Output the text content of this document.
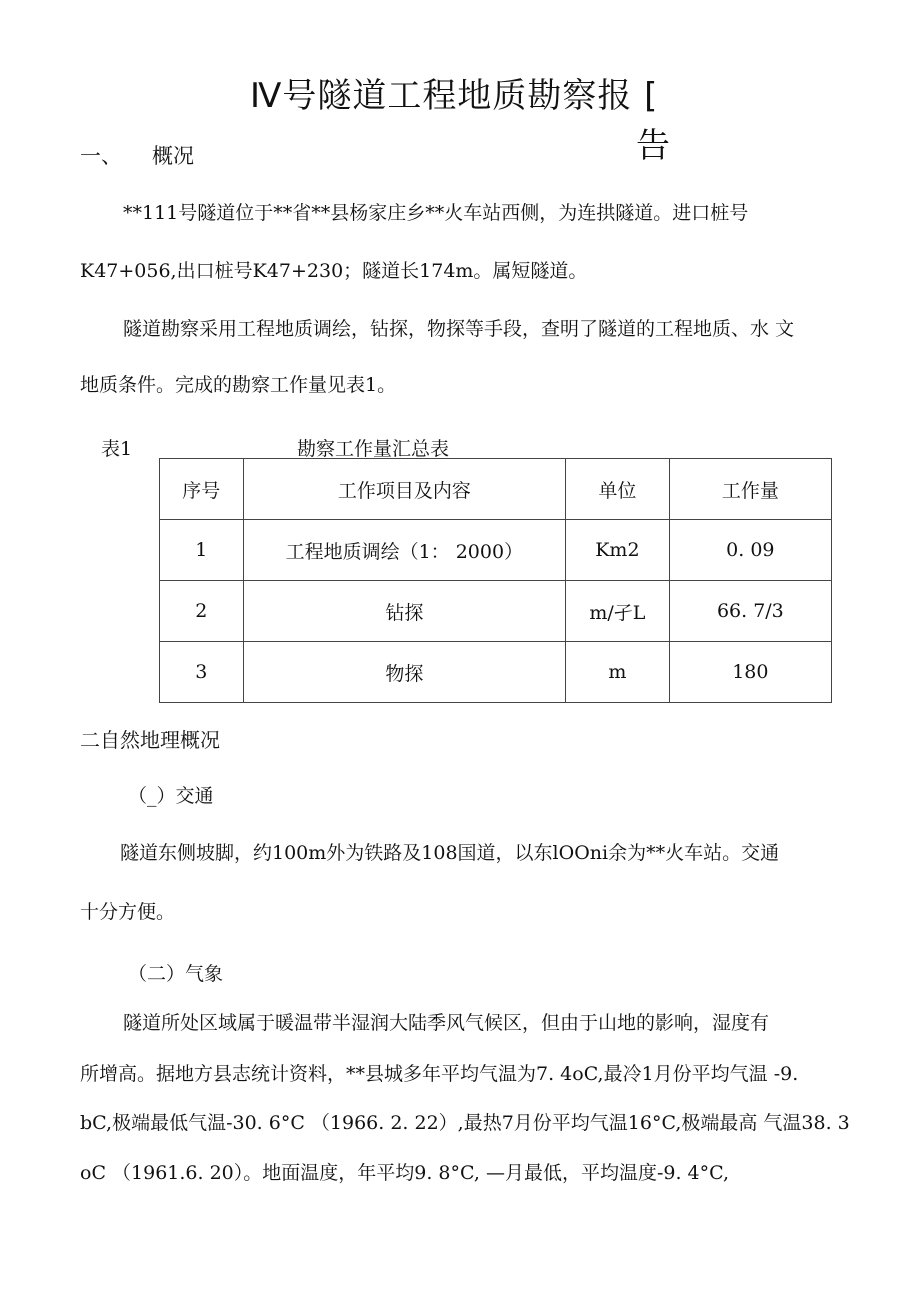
Ⅳ号隧道工程地质勘察报 [
告
一、 概况
**111号隧道位于**省**县杨家庄乡**火车站西侧，为连拱隧道。进口桩号
K47+056,出口桩号K47+230；隧道长174m。属短隧道。
隧道勘察采用工程地质调绘，钻探，物探等手段，查明了隧道的工程地质、水 文
地质条件。完成的勘察工作量见表1。
表1	勘察工作量汇总表
序号	工作项目及内容	单位	工作量
1	工程地质调绘（1： 2000）	Km2	0. 09
2	钻探	m/孑L	66. 7/3
3	物探	m	180
二自然地理概况
（_）交通
隧道东侧坡脚，约100m外为铁路及108国道，以东lOOni余为**火车站。交通
十分方便。
（二）气象
隧道所处区域属于暖温带半湿润大陆季风气候区，但由于山地的影响，湿度有
所增高。据地方县志统计资料，**县城多年平均气温为7. 4oC,最冷1月份平均气温 -9.
bC,极端最低气温-30. 6°C （1966. 2. 22）,最热7月份平均气温16°C,极端最高 气温38. 3
oC （1961.6. 20）。地面温度，年平均9. 8°C, —月最低，平均温度-9. 4°C,
